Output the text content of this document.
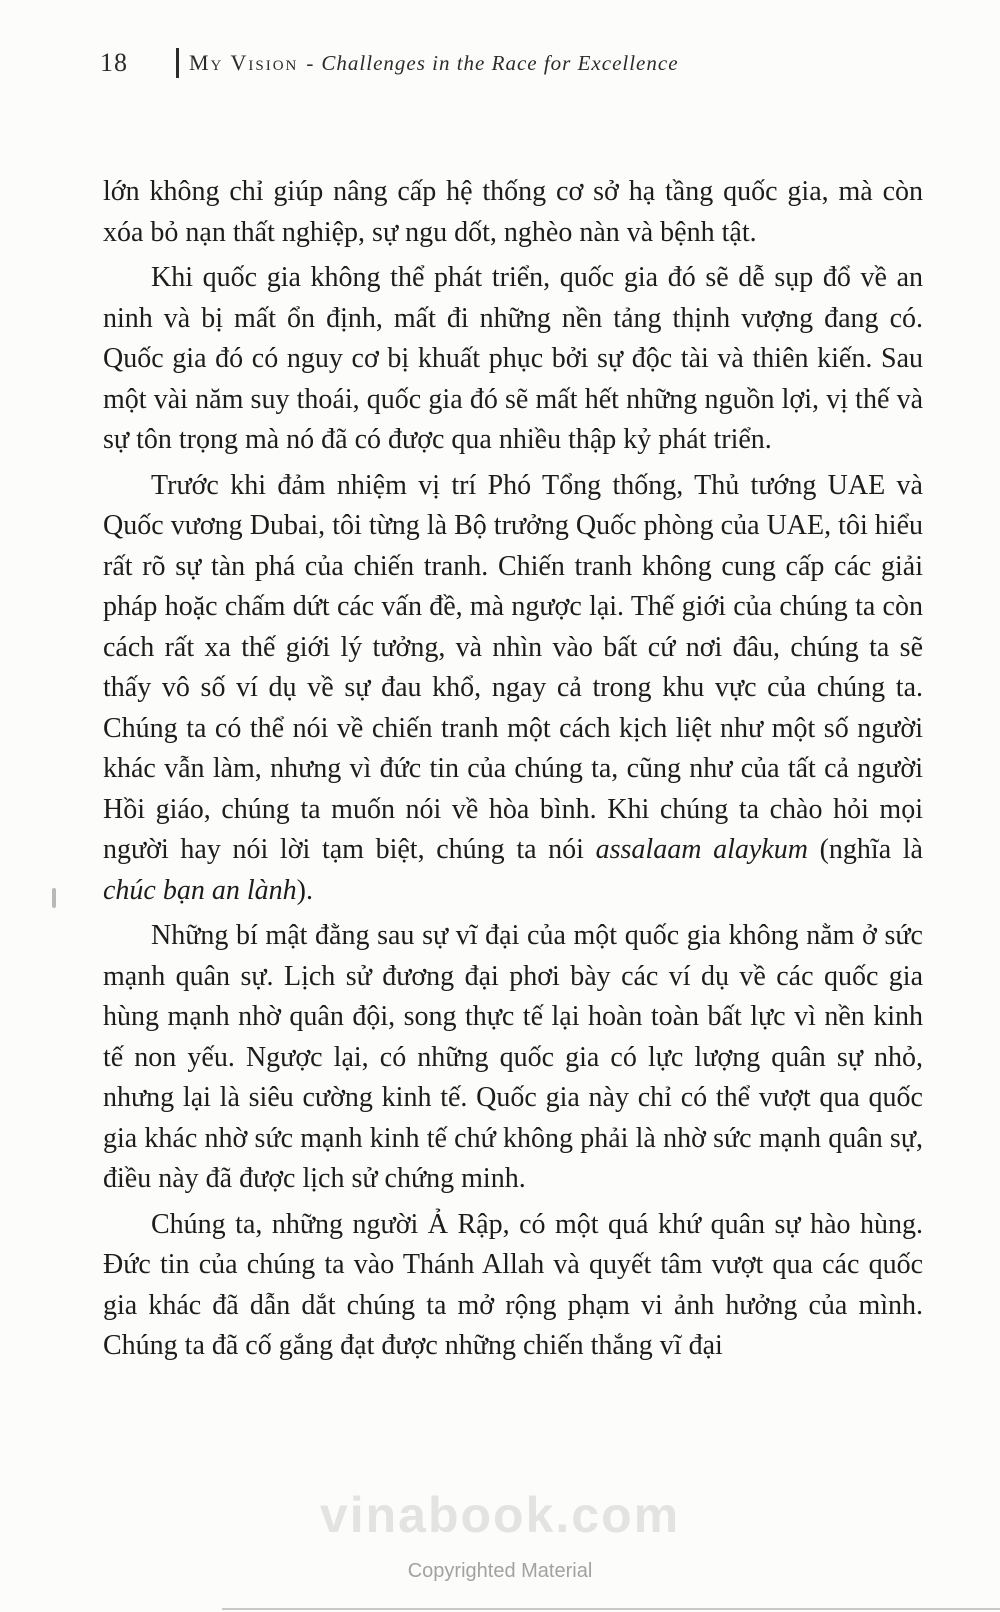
18	My Vision - Challenges in the Race for Excellence

lớn không chỉ giúp nâng cấp hệ thống cơ sở hạ tầng quốc gia, mà còn xóa bỏ nạn thất nghiệp, sự ngu dốt, nghèo nàn và bệnh tật.

Khi quốc gia không thể phát triển, quốc gia đó sẽ dễ sụp đổ về an ninh và bị mất ổn định, mất đi những nền tảng thịnh vượng đang có. Quốc gia đó có nguy cơ bị khuất phục bởi sự độc tài và thiên kiến. Sau một vài năm suy thoái, quốc gia đó sẽ mất hết những nguồn lợi, vị thế và sự tôn trọng mà nó đã có được qua nhiều thập kỷ phát triển.

Trước khi đảm nhiệm vị trí Phó Tổng thống, Thủ tướng UAE và Quốc vương Dubai, tôi từng là Bộ trưởng Quốc phòng của UAE, tôi hiểu rất rõ sự tàn phá của chiến tranh. Chiến tranh không cung cấp các giải pháp hoặc chấm dứt các vấn đề, mà ngược lại. Thế giới của chúng ta còn cách rất xa thế giới lý tưởng, và nhìn vào bất cứ nơi đâu, chúng ta sẽ thấy vô số ví dụ về sự đau khổ, ngay cả trong khu vực của chúng ta. Chúng ta có thể nói về chiến tranh một cách kịch liệt như một số người khác vẫn làm, nhưng vì đức tin của chúng ta, cũng như của tất cả người Hồi giáo, chúng ta muốn nói về hòa bình. Khi chúng ta chào hỏi mọi người hay nói lời tạm biệt, chúng ta nói assalaam alaykum (nghĩa là chúc bạn an lành).

Những bí mật đằng sau sự vĩ đại của một quốc gia không nằm ở sức mạnh quân sự. Lịch sử đương đại phơi bày các ví dụ về các quốc gia hùng mạnh nhờ quân đội, song thực tế lại hoàn toàn bất lực vì nền kinh tế non yếu. Ngược lại, có những quốc gia có lực lượng quân sự nhỏ, nhưng lại là siêu cường kinh tế. Quốc gia này chỉ có thể vượt qua quốc gia khác nhờ sức mạnh kinh tế chứ không phải là nhờ sức mạnh quân sự, điều này đã được lịch sử chứng minh.

Chúng ta, những người Ả Rập, có một quá khứ quân sự hào hùng. Đức tin của chúng ta vào Thánh Allah và quyết tâm vượt qua các quốc gia khác đã dẫn dắt chúng ta mở rộng phạm vi ảnh hưởng của mình. Chúng ta đã cố gắng đạt được những chiến thắng vĩ đại

vinabook.com
Copyrighted Material
